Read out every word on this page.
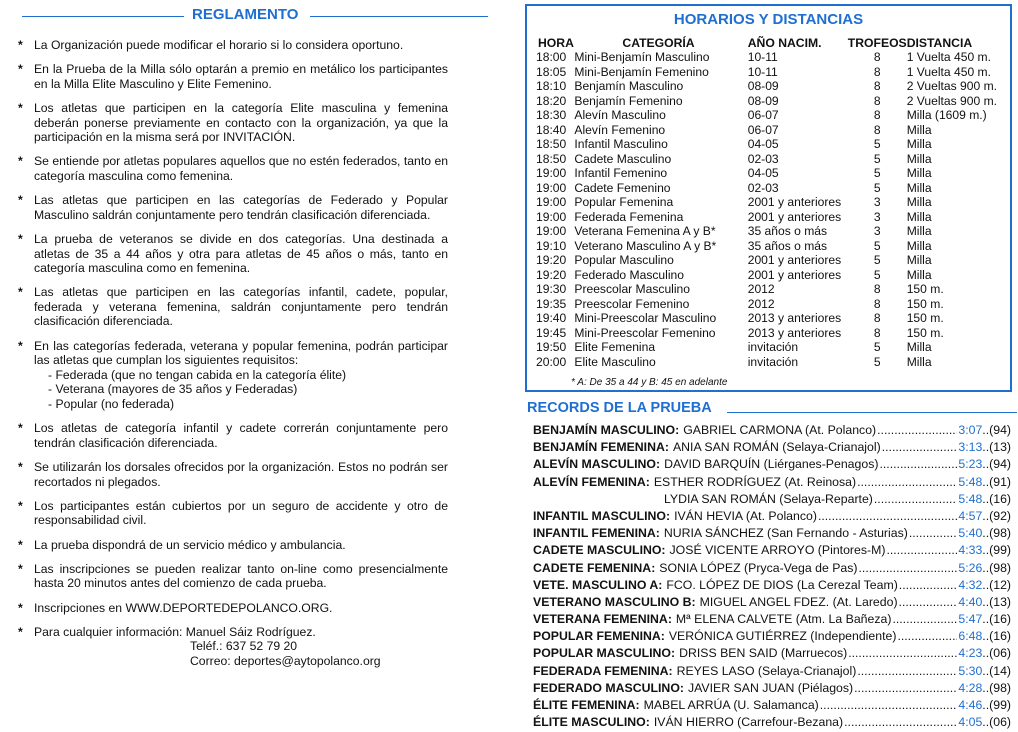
REGLAMENTO
* La Organización puede modificar el horario si lo considera oportuno.
* En la Prueba de la Milla sólo optarán a premio en metálico los participantes en la Milla Elite Masculino y Elite Femenino.
* Los atletas que participen en la categoría Elite masculina y femenina deberán ponerse previamente en contacto con la organización, ya que la participación en la misma será por INVITACIÓN.
* Se entiende por atletas populares aquellos que no estén federados, tanto en categoría masculina como femenina.
* Las atletas que participen en las categorías de Federado y Popular Masculino saldrán conjuntamente pero tendrán clasificación diferenciada.
* La prueba de veteranos se divide en dos categorías. Una destinada a atletas de 35 a 44 años y otra para atletas de 45 años o más, tanto en categoría masculina como en femenina.
* Las atletas que participen en las categorías infantil, cadete, popular, federada y veterana femenina, saldrán conjuntamente pero tendrán clasificación diferenciada.
* En las categorías federada, veterana y popular femenina, podrán participar las atletas que cumplan los siguientes requisitos:
- Federada (que no tengan cabida en la categoría élite)
- Veterana (mayores de 35 años y Federadas)
- Popular (no federada)
* Los atletas de categoría infantil y cadete correrán conjuntamente pero tendrán clasificación diferenciada.
* Se utilizarán los dorsales ofrecidos por la organización. Estos no podrán ser recortados ni plegados.
* Los participantes están cubiertos por un seguro de accidente y otro de responsabilidad civil.
* La prueba dispondrá de un servicio médico y ambulancia.
* Las inscripciones se pueden realizar tanto on-line como presencialmente hasta 20 minutos antes del comienzo de cada prueba.
* Inscripciones en WWW.DEPORTEDEPOLANCO.ORG.
* Para cualquier información: Manuel Sáiz Rodríguez.
Teléf.: 637 52 79 20
Correo: deportes@aytopolanco.org
HORARIOS Y DISTANCIAS
HORA	CATEGORÍA	AÑO NACIM.	TROFEOS	DISTANCIA
18:00	Mini-Benjamín Masculino	10-11	8	1 Vuelta 450 m.
18:05	Mini-Benjamín Femenino	10-11	8	1 Vuelta 450 m.
18:10	Benjamín Masculino	08-09	8	2 Vueltas 900 m.
18:20	Benjamín Femenino	08-09	8	2 Vueltas 900 m.
18:30	Alevín Masculino	06-07	8	Milla (1609 m.)
18:40	Alevín Femenino	06-07	8	Milla
18:50	Infantil Masculino	04-05	5	Milla
18:50	Cadete Masculino	02-03	5	Milla
19:00	Infantil Femenino	04-05	5	Milla
19:00	Cadete Femenino	02-03	5	Milla
19:00	Popular Femenina	2001 y anteriores	3	Milla
19:00	Federada Femenina	2001 y anteriores	3	Milla
19:00	Veterana Femenina A y B*	35 años o más	3	Milla
19:10	Veterano Masculino A y B*	35 años o más	5	Milla
19:20	Popular Masculino	2001 y anteriores	5	Milla
19:20	Federado Masculino	2001 y anteriores	5	Milla
19:30	Preescolar Masculino	2012	8	150 m.
19:35	Preescolar Femenino	2012	8	150 m.
19:40	Mini-Preescolar Masculino	2013 y anteriores	8	150 m.
19:45	Mini-Preescolar Femenino	2013 y anteriores	8	150 m.
19:50	Elite Femenina	invitación	5	Milla
20:00	Elite Masculino	invitación	5	Milla
* A: De 35 a 44 y B: 45 en adelante
RECORDS DE LA PRUEBA
BENJAMÍN MASCULINO: GABRIEL CARMONA (At. Polanco) .....	3:07 ..(94)
BENJAMÍN FEMENINA: ANIA SAN ROMÁN (Selaya-Crianajol) .....	3:13 ..(13)
ALEVÍN MASCULINO: DAVID BARQUÍN (Liérganes-Penagos) .....	5:23 ..(94)
ALEVÍN FEMENINA: ESTHER RODRÍGUEZ (At. Reinosa) .....	5:48 ..(91)
LYDIA SAN ROMÁN (Selaya-Reparte) .....	5:48 ..(16)
INFANTIL MASCULINO: IVÁN HEVIA (At. Polanco) .....	4:57 ..(92)
INFANTIL FEMENINA: NURIA SÁNCHEZ (San Fernando - Asturias) .....	5:40 ..(98)
CADETE MASCULINO: JOSÉ VICENTE ARROYO (Pintores-M) .....	4:33 ..(99)
CADETE FEMENINA: SONIA LÓPEZ (Pryca-Vega de Pas) .....	5:26 ..(98)
VETE. MASCULINO A: FCO. LÓPEZ DE DIOS (La Cerezal Team) .....	4:32 ..(12)
VETERANO MASCULINO B: MIGUEL ANGEL FDEZ. (At. Laredo) .....	4:40 ..(13)
VETERANA FEMENINA: Mª ELENA CALVETE (Atm. La Bañeza) .....	5:47 ..(16)
POPULAR FEMENINA: VERÓNICA GUTIÉRREZ (Independiente) .....	6:48 ..(16)
POPULAR MASCULINO: DRISS BEN SAID (Marruecos) .....	4:23 ..(06)
FEDERADA FEMENINA: REYES LASO (Selaya-Crianajol) .....	5:30 ..(14)
FEDERADO MASCULINO: JAVIER SAN JUAN (Piélagos) .....	4:28 ..(98)
ÉLITE FEMENINA: MABEL ARRÚA (U. Salamanca) .....	4:46 ..(99)
ÉLITE MASCULINO: IVÁN HIERRO (Carrefour-Bezana) .....	4:05 ..(06)
